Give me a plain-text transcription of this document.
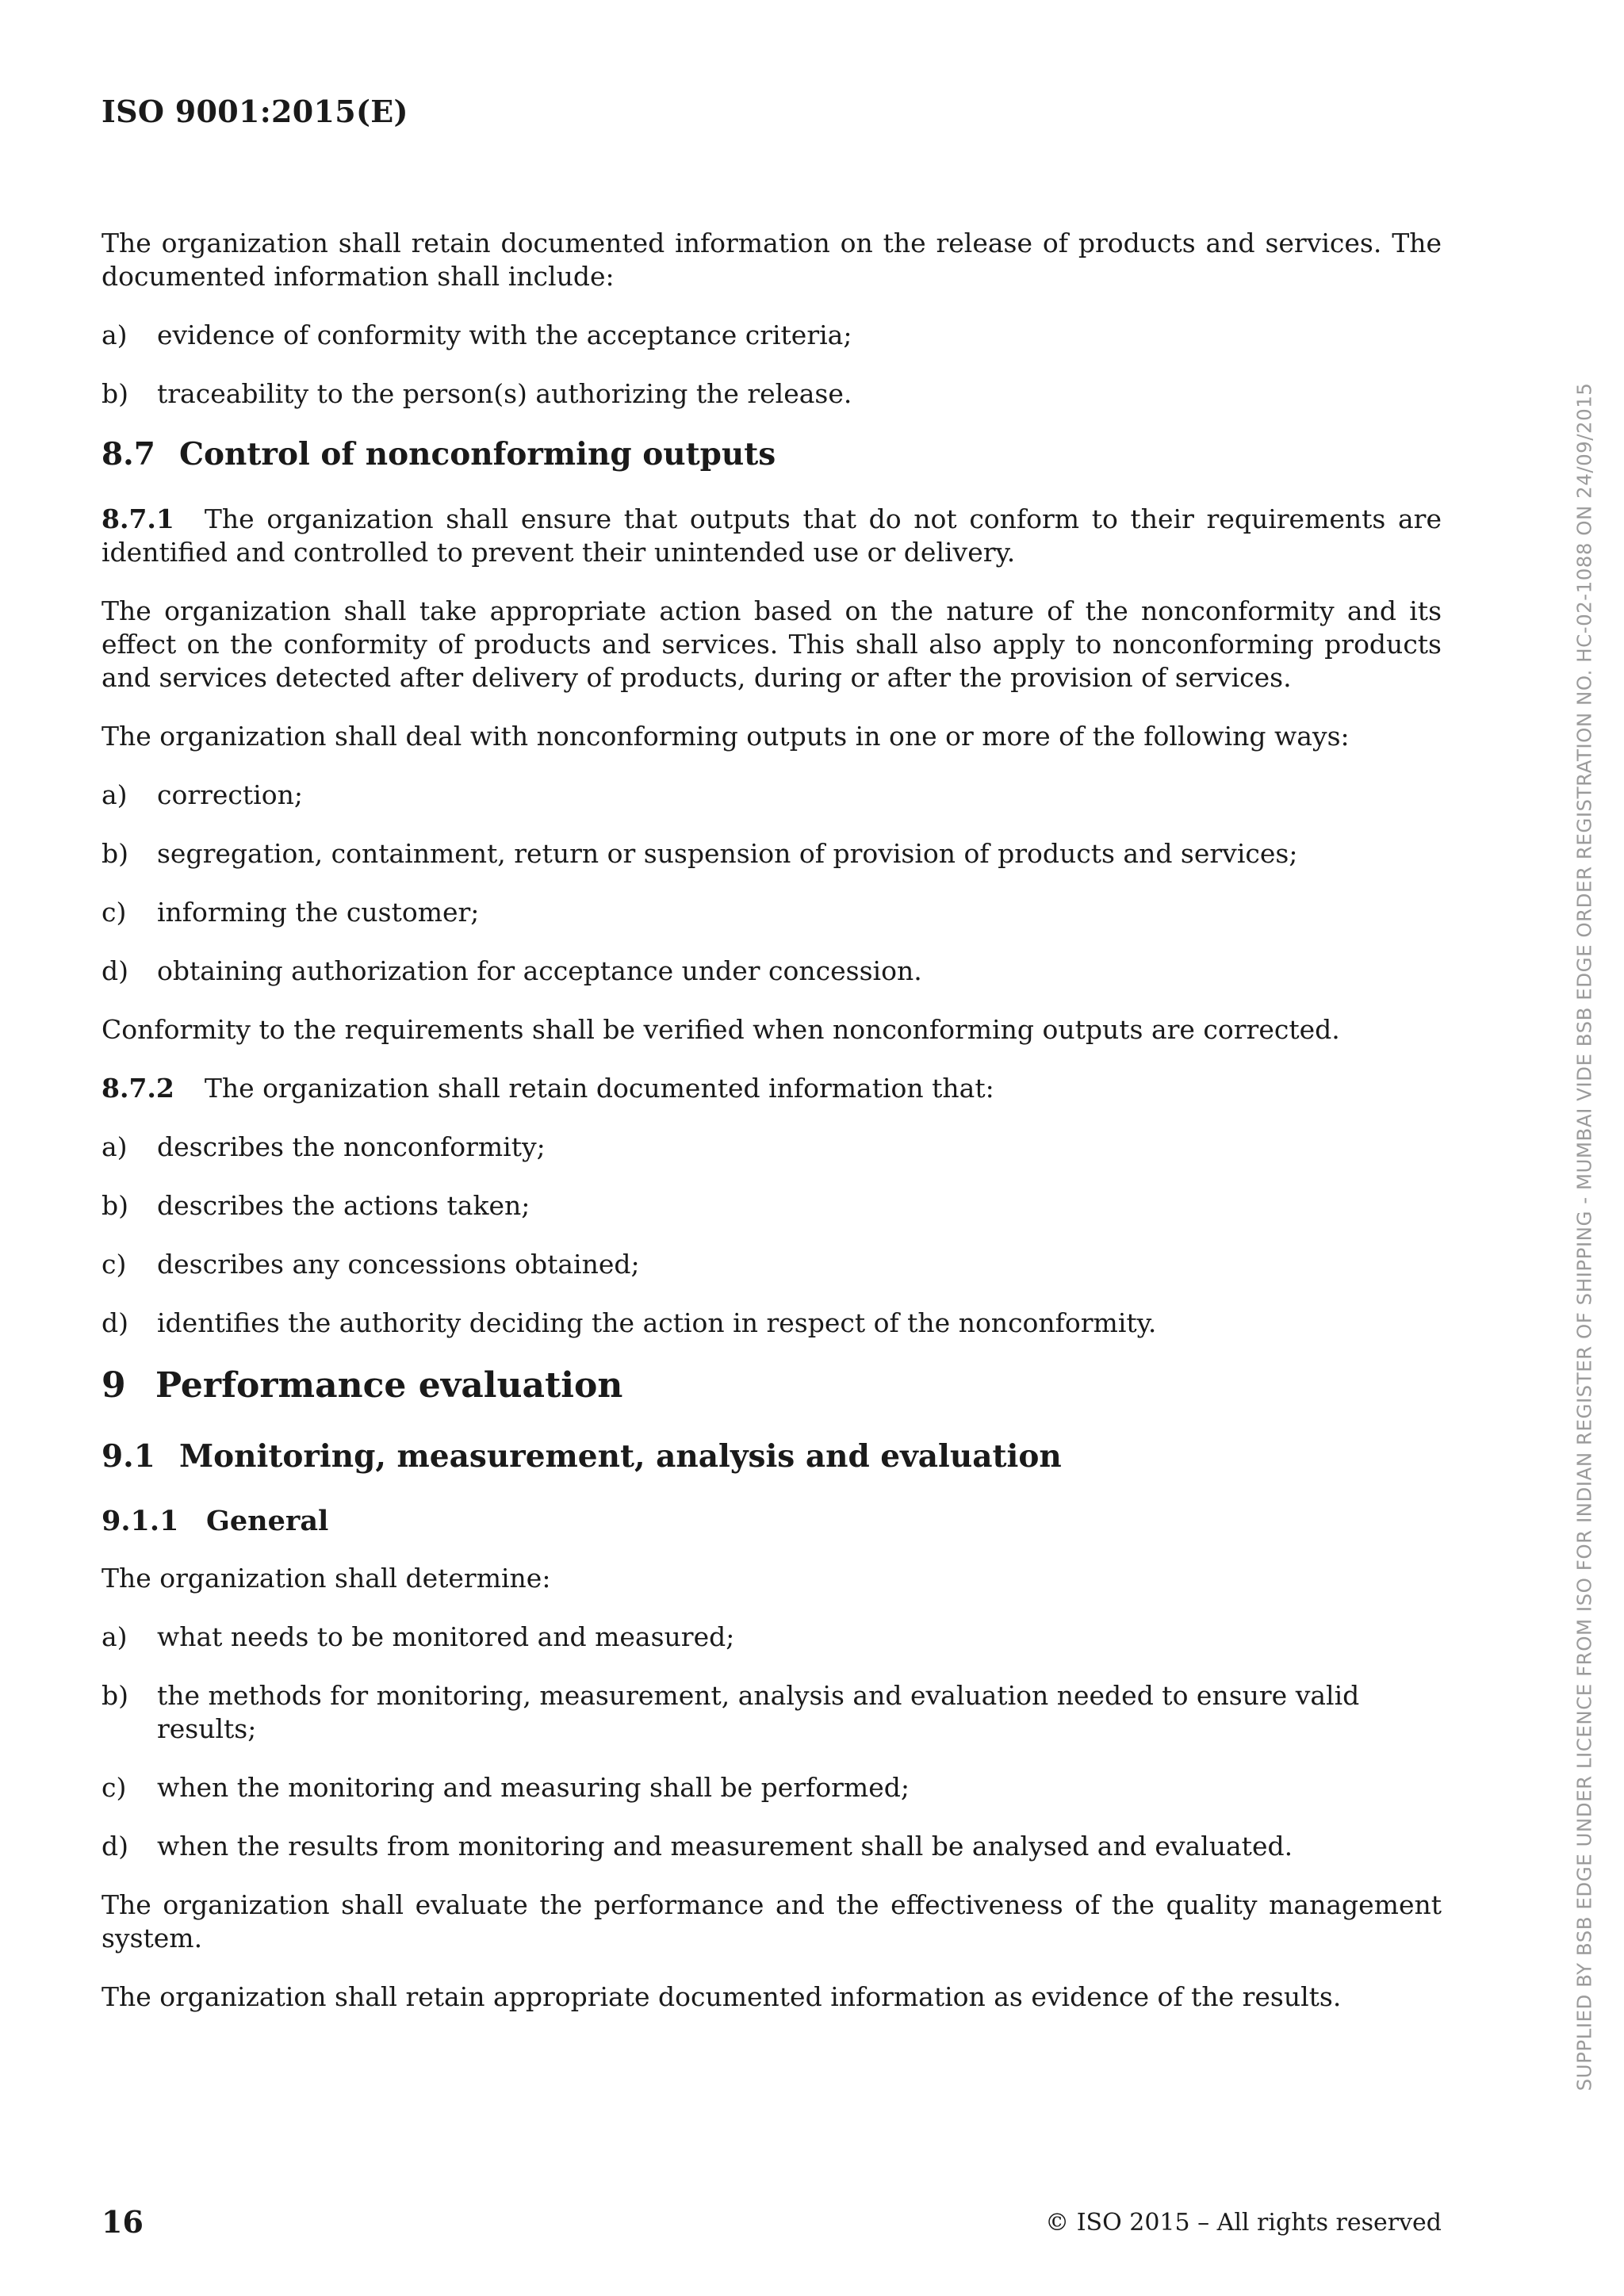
ISO 9001:2015(E)
SUPPLIED BY BSB EDGE UNDER LICENCE FROM ISO FOR INDIAN REGISTER OF SHIPPING - MUMBAI VIDE BSB EDGE ORDER REGISTRATION NO. HC-02-1088 ON 24/09/2015

The organization shall retain documented information on the release of products and services. The documented information shall include:

a)	evidence of conformity with the acceptance criteria;
b)	traceability to the person(s) authorizing the release.
8.7 Control of nonconforming outputs

8.7.1 The organization shall ensure that outputs that do not conform to their requirements are identified and controlled to prevent their unintended use or delivery.

The organization shall take appropriate action based on the nature of the nonconformity and its effect on the conformity of products and services. This shall also apply to nonconforming products and services detected after delivery of products, during or after the provision of services.

The organization shall deal with nonconforming outputs in one or more of the following ways:

a)	correction;
b)	segregation, containment, return or suspension of provision of products and services;
c)	informing the customer;
d)	obtaining authorization for acceptance under concession.

Conformity to the requirements shall be verified when nonconforming outputs are corrected.

8.7.2 The organization shall retain documented information that:

a)	describes the nonconformity;
b)	describes the actions taken;
c)	describes any concessions obtained;
d)	identifies the authority deciding the action in respect of the nonconformity.
9 Performance evaluation
9.1 Monitoring, measurement, analysis and evaluation
9.1.1 General

The organization shall determine:

a)	what needs to be monitored and measured;
b)	the methods for monitoring, measurement, analysis and evaluation needed to ensure valid results;
c)	when the monitoring and measuring shall be performed;
d)	when the results from monitoring and measurement shall be analysed and evaluated.

The organization shall evaluate the performance and the effectiveness of the quality management system.

The organization shall retain appropriate documented information as evidence of the results.

16	© ISO 2015 – All rights reserved
